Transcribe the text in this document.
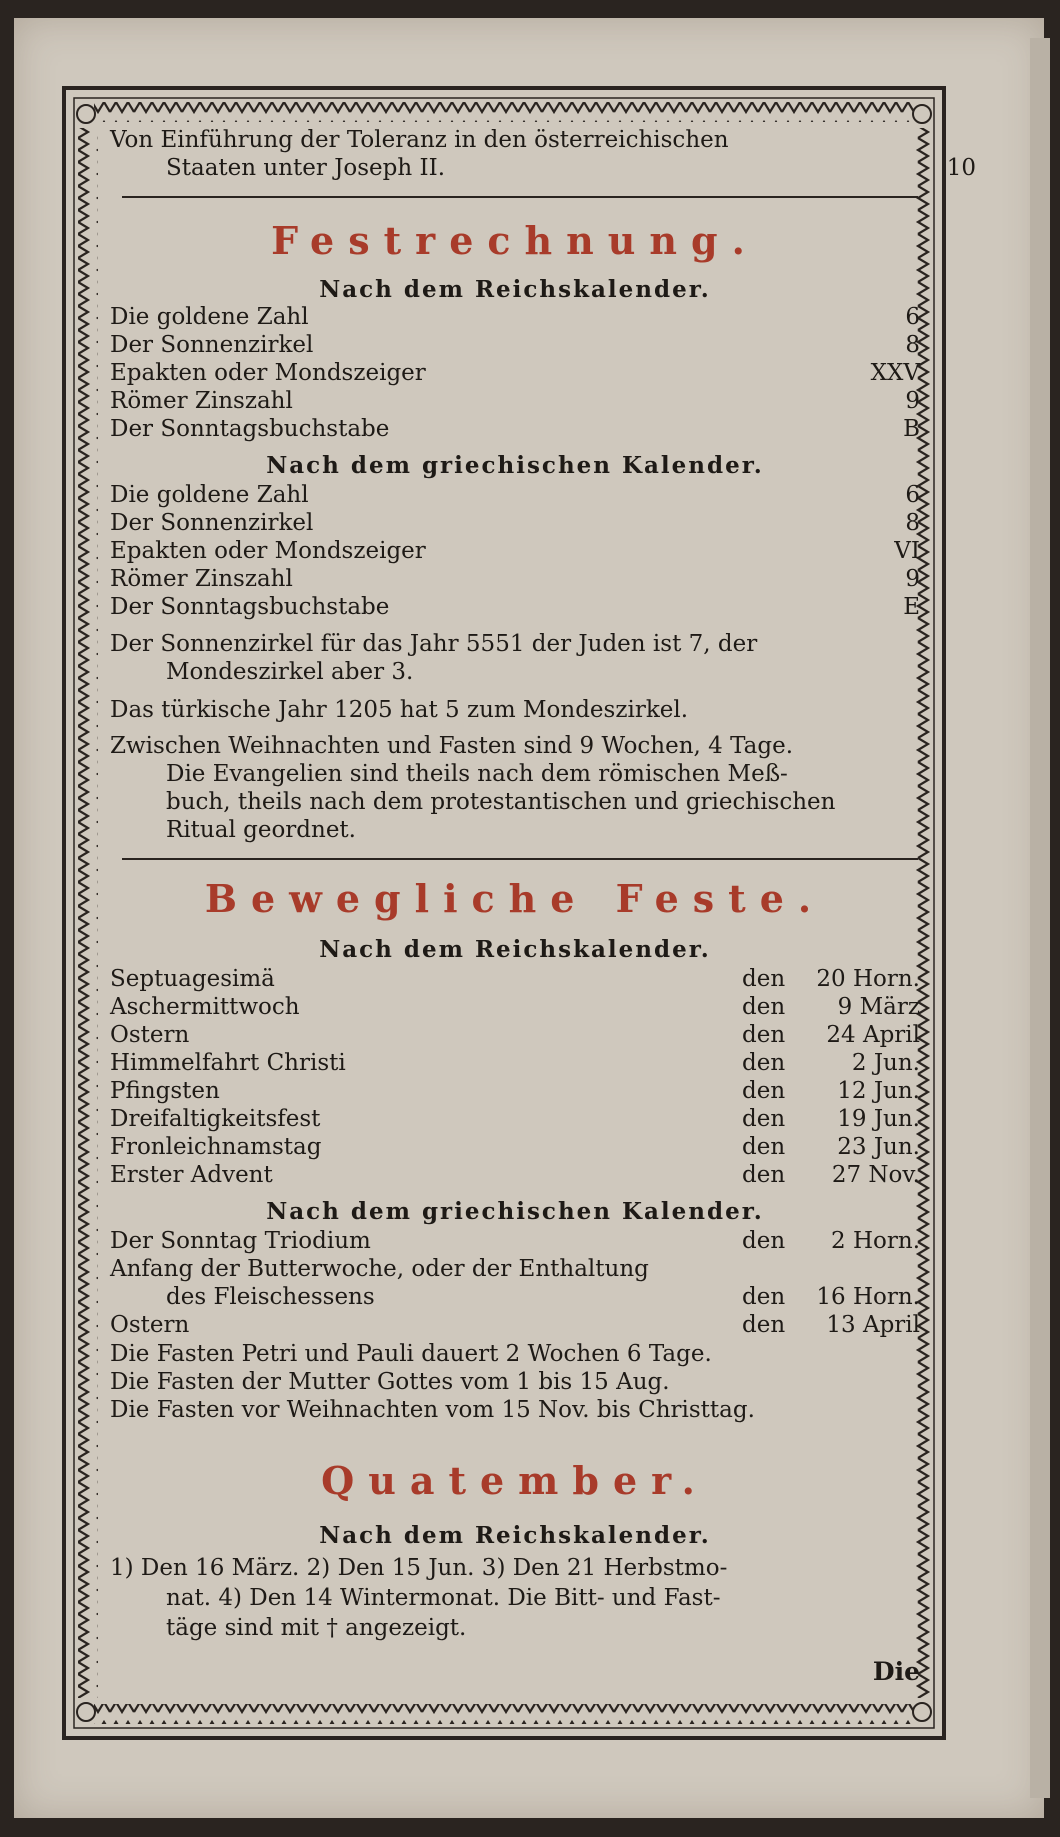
Von Einführung der Toleranz in den österreichischen
Staaten unter Joseph II.	10
Festrechnung.
Nach dem Reichskalender.
Die goldene Zahl	6
Der Sonnenzirkel	8
Epakten oder Mondszeiger	XXV
Römer Zinszahl	9
Der Sonntagsbuchstabe	B
Nach dem griechischen Kalender.
Die goldene Zahl	6
Der Sonnenzirkel	8
Epakten oder Mondszeiger	VI
Römer Zinszahl	9
Der Sonntagsbuchstabe	E
Der Sonnenzirkel für das Jahr 5551 der Juden ist 7, der
Mondeszirkel aber 3.
Das türkische Jahr 1205 hat 5 zum Mondeszirkel.
Zwischen Weihnachten und Fasten sind 9 Wochen, 4 Tage.
Die Evangelien sind theils nach dem römischen Meß-
buch, theils nach dem protestantischen und griechischen
Ritual geordnet.
Bewegliche Feste.
Nach dem Reichskalender.
Septuagesimä	den 20 Horn.
Aschermittwoch	den 9 März
Ostern	den 24 April
Himmelfahrt Christi	den	2 Jun.
Pfingsten	den 12 Jun.
Dreifaltigkeitsfest	den 19 Jun.
Fronleichnamstag	den 23 Jun.
Erster Advent	den 27 Nov.
Nach dem griechischen Kalender.
Der Sonntag Triodium	den 2 Horn.
Anfang der Butterwoche, oder der Enthaltung
des Fleischessens	den 16 Horn.
Ostern	den 13 April
Die Fasten Petri und Pauli dauert 2 Wochen 6 Tage.
Die Fasten der Mutter Gottes vom 1 bis 15 Aug.
Die Fasten vor Weihnachten vom 15 Nov. bis Christtag.
Quatember.
Nach dem Reichskalender.
1) Den 16 März. 2) Den 15 Jun. 3) Den 21 Herbstmo-
nat. 4) Den 14 Wintermonat. Die Bitt- und Fast-
täge sind mit † angezeigt.
Die
